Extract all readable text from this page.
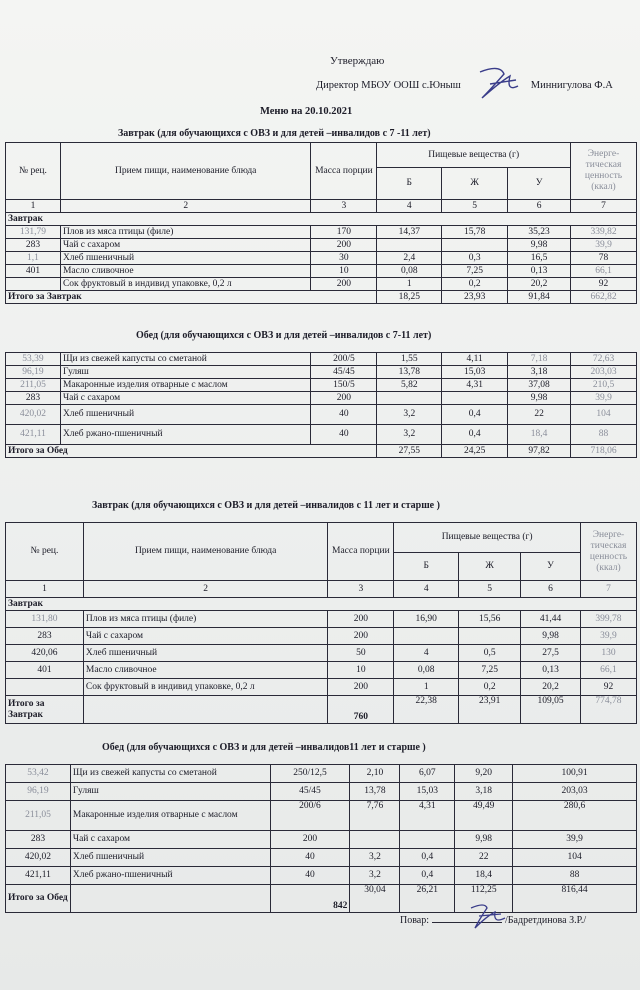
Утверждаю
Директор МБОУ ООШ с.Юныш	Миннигулова Ф.А
Меню на 20.10.2021
Завтрак (для обучающихся с ОВЗ и для детей –инвалидов с 7 -11 лет)
№ рец.	Прием пищи, наименование блюда	Масса порции	Пищевые вещества (г)			Энерге-тическая ценность (ккал)
			Б	Ж	У	
1	2	3	4	5	6	7
Завтрак						
131,79	Плов из мяса птицы (филе)	170	14,37	15,78	35,23	339,82
283	Чай с сахаром	200			9,98	39,9
1,1	Хлеб пшеничный	30	2,4	0,3	16,5	78
401	Масло сливочное	10	0,08	7,25	0,13	66,1
	Сок фруктовый в индивид упаковке, 0,2 л	200	1	0,2	20,2	92
Итого за Завтрак			18,25	23,93	91,84	662,82
Обед (для обучающихся с ОВЗ и для детей –инвалидов с 7-11 лет)
53,39	Щи из свежей капусты со сметаной	200/5	1,55	4,11	7,18	72,63
96,19	Гуляш	45/45	13,78	15,03	3,18	203,03
211,05	Макаронные изделия отварные с маслом	150/5	5,82	4,31	37,08	210,5
283	Чай с сахаром	200			9,98	39,9
420,02	Хлеб пшеничный	40	3,2	0,4	22	104
421,11	Хлеб ржано-пшеничный	40	3,2	0,4	18,4	88
Итого за Обед			27,55	24,25	97,82	718,06
Завтрак (для обучающихся с ОВЗ и для детей –инвалидов с 11 лет и старше )
№ рец.	Прием пищи, наименование блюда	Масса порции	Пищевые вещества (г)			Энерге-тическая ценность (ккал)
			Б	Ж	У	
1	2	3	4	5	6	7
Завтрак						
131,80	Плов из мяса птицы (филе)	200	16,90	15,56	41,44	399,78
283	Чай с сахаром	200			9,98	39,9
420,06	Хлеб пшеничный	50	4	0,5	27,5	130
401	Масло сливочное	10	0,08	7,25	0,13	66,1
	Сок фруктовый в индивид упаковке, 0,2 л	200	1	0,2	20,2	92
Итого за Завтрак		760	22,38	23,91	109,05	774,78
Обед (для обучающихся с ОВЗ и для детей –инвалидов11 лет и старше )
53,42	Щи из свежей капусты со сметаной	250/12,5	2,10	6,07	9,20	100,91
96,19	Гуляш	45/45	13,78	15,03	3,18	203,03
211,05	Макаронные изделия отварные с маслом	200/6	7,76	4,31	49,49	280,6
283	Чай с сахаром	200			9,98	39,9
420,02	Хлеб пшеничный	40	3,2	0,4	22	104
421,11	Хлеб ржано-пшеничный	40	3,2	0,4	18,4	88
Итого за Обед		842	30,04	26,21	112,25	816,44
Повар:	/Бадретдинова З.Р./
